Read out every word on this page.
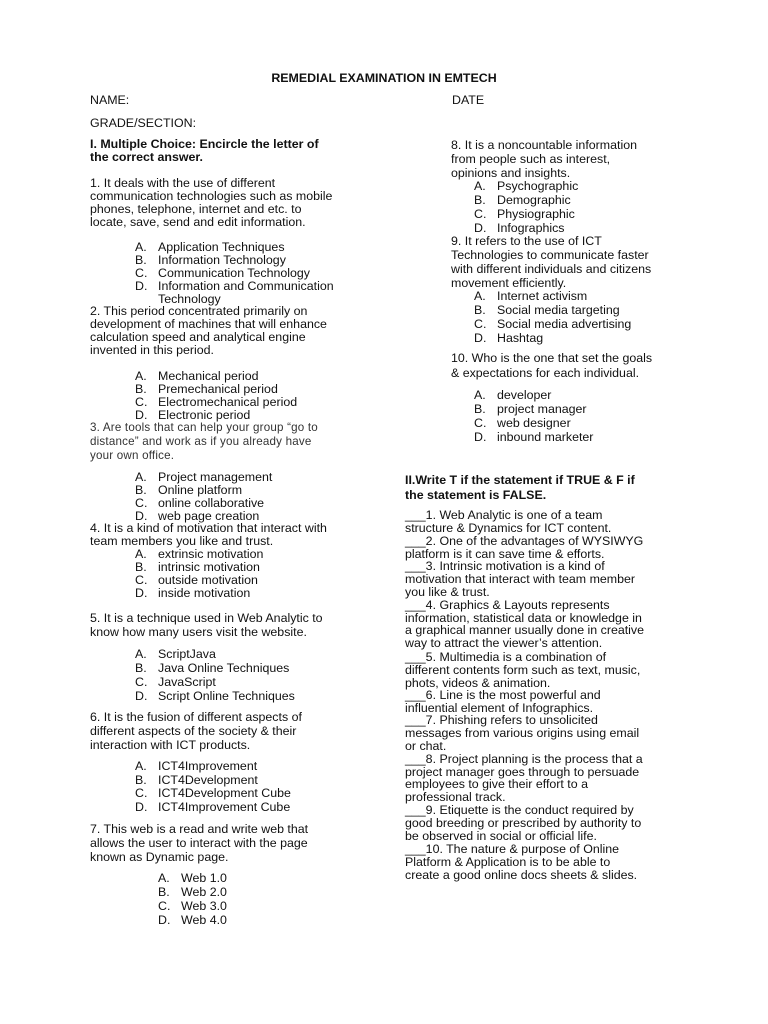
REMEDIAL EXAMINATION IN EMTECH
NAME:	DATE
GRADE/SECTION:
I. Multiple Choice: Encircle the letter of
the correct answer.
1. It deals with the use of different
communication technologies such as mobile
phones, telephone, internet and etc. to
locate, save, send and edit information.
A. Application Techniques
B. Information Technology
C. Communication Technology
D. Information and Communication
Technology
2. This period concentrated primarily on
development of machines that will enhance
calculation speed and analytical engine
invented in this period.
A. Mechanical period
B. Premechanical period
C. Electromechanical period
D. Electronic period
3. Are tools that can help your group “go to
distance” and work as if you already have
your own office.
A. Project management
B. Online platform
C. online collaborative
D. web page creation
4. It is a kind of motivation that interact with
team members you like and trust.
A. extrinsic motivation
B. intrinsic motivation
C. outside motivation
D. inside motivation
5. It is a technique used in Web Analytic to
know how many users visit the website.
A. ScriptJava
B. Java Online Techniques
C. JavaScript
D. Script Online Techniques
6. It is the fusion of different aspects of
different aspects of the society & their
interaction with ICT products.
A. ICT4Improvement
B. ICT4Development
C. ICT4Development Cube
D. ICT4Improvement Cube
7. This web is a read and write web that
allows the user to interact with the page
known as Dynamic page.
A. Web 1.0
B. Web 2.0
C. Web 3.0
D. Web 4.0
8. It is a noncountable information
from people such as interest,
opinions and insights.
A. Psychographic
B. Demographic
C. Physiographic
D. Infographics
9. It refers to the use of ICT
Technologies to communicate faster
with different individuals and citizens
movement efficiently.
A. Internet activism
B. Social media targeting
C. Social media advertising
D. Hashtag
10. Who is the one that set the goals
& expectations for each individual.
A. developer
B. project manager
C. web designer
D. inbound marketer
II.Write T if the statement if TRUE & F if
the statement is FALSE.
___1. Web Analytic is one of a team
structure & Dynamics for ICT content.
___2. One of the advantages of WYSIWYG
platform is it can save time & efforts.
___3. Intrinsic motivation is a kind of
motivation that interact with team member
you like & trust.
___4. Graphics & Layouts represents
information, statistical data or knowledge in
a graphical manner usually done in creative
way to attract the viewer’s attention.
___5. Multimedia is a combination of
different contents form such as text, music,
phots, videos & animation.
___6. Line is the most powerful and
influential element of Infographics.
___7. Phishing refers to unsolicited
messages from various origins using email
or chat.
___8. Project planning is the process that a
project manager goes through to persuade
employees to give their effort to a
professional track.
___9. Etiquette is the conduct required by
good breeding or prescribed by authority to
be observed in social or official life.
___10. The nature & purpose of Online
Platform & Application is to be able to
create a good online docs sheets & slides.
